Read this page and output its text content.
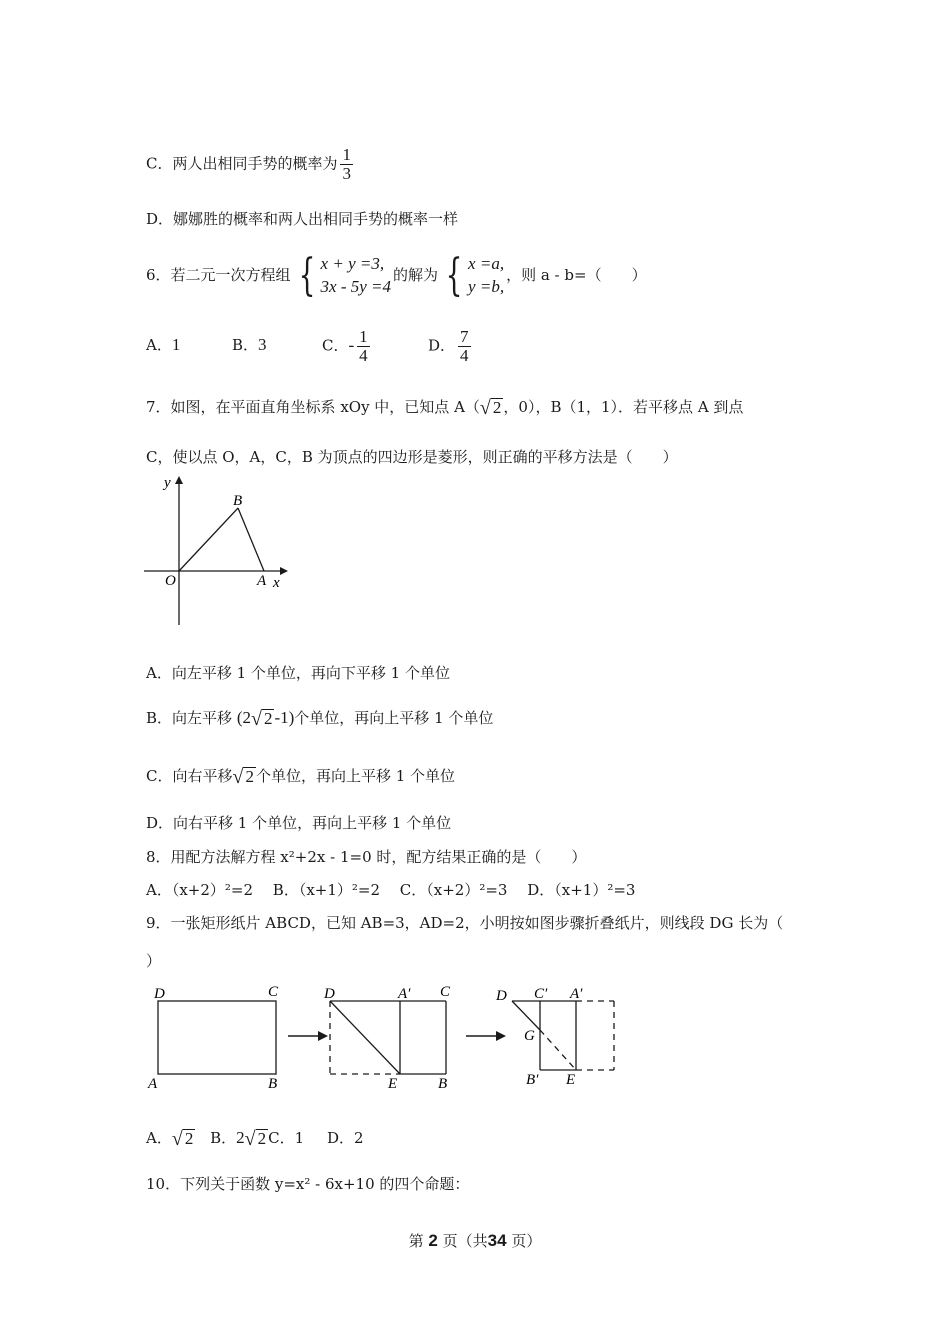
C．两人出相同手势的概率为 $\frac{1}{3}$
D．娜娜胜的概率和两人出相同手势的概率一样
6．若二元一次方程组 { x + y =3,
3x - 5y =4
的解为 { x =a,
y =b,
，则 a - b=（　　）
A．1	B．3	C．- $\frac{1}{4}$	D． $\frac{7}{4}$
7．如图，在平面直角坐标系 xOy 中，已知点 A（ √ 2 ，0），B（1，1）．若平移点 A 到点
C，使以点 O，A，C，B 为顶点的四边形是菱形，则正确的平移方法是（　　）
y
x
O	A
B
A．向左平移 1 个单位，再向下平移 1 个单位
B．向左平移 (2 √ 2 -1)个单位，再向上平移 1 个单位
C．向右平移 √ 2 个单位，再向上平移 1 个单位
D．向右平移 1 个单位，再向上平移 1 个单位
8．用配方法解方程 x²+2x - 1=0 时，配方结果正确的是（　　）
A．（x+2）²=2　 B．（x+1）²=2　 C．（x+2）²=3　 D．（x+1）²=3
9．一张矩形纸片 ABCD，已知 AB=3，AD=2，小明按如图步骤折叠纸片，则线段 DG 长为（
）
D	C
A	B
D	A′ C
E	B
D C′ A′
G
B′ E
A． √ 2 B．2 √ 2 C．1 D．2
10．下列关于函数 y=x² - 6x+10 的四个命题：
第 2 页（共34 页）
